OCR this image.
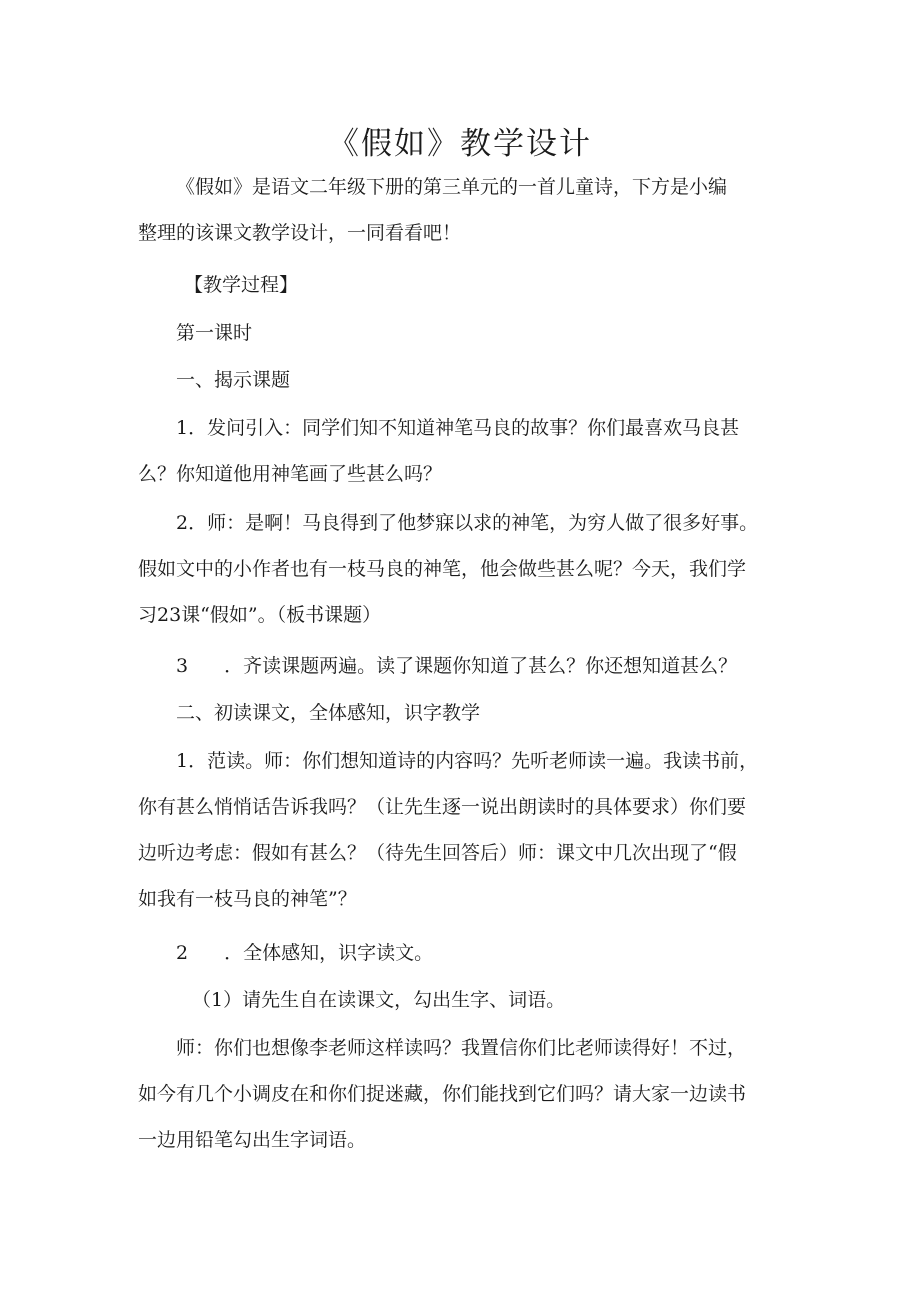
《假如》教学设计
《假如》是语文二年级下册的第三单元的一首儿童诗，下方是小编
整理的该课文教学设计，一同看看吧！
【教学过程】
第一课时
一、揭示课题
1．发问引入：同学们知不知道神笔马良的故事？你们最喜欢马良甚
么？你知道他用神笔画了些甚么吗？
2．师：是啊！马良得到了他梦寐以求的神笔，为穷人做了很多好事。
假如文中的小作者也有一枝马良的神笔，他会做些甚么呢？今天，我们学
习23课“假如”。（板书课题）
3 ．齐读课题两遍。读了课题你知道了甚么？你还想知道甚么？
二、初读课文，全体感知，识字教学
1．范读。师：你们想知道诗的内容吗？先听老师读一遍。我读书前，
你有甚么悄悄话告诉我吗？（让先生逐一说出朗读时的具体要求）你们要
边听边考虑：假如有甚么？（待先生回答后）师：课文中几次出现了“假
如我有一枝马良的神笔”？
2 ．全体感知，识字读文。
（1）请先生自在读课文，勾出生字、词语。
师：你们也想像李老师这样读吗？我置信你们比老师读得好！不过，
如今有几个小调皮在和你们捉迷藏，你们能找到它们吗？请大家一边读书
一边用铅笔勾出生字词语。
